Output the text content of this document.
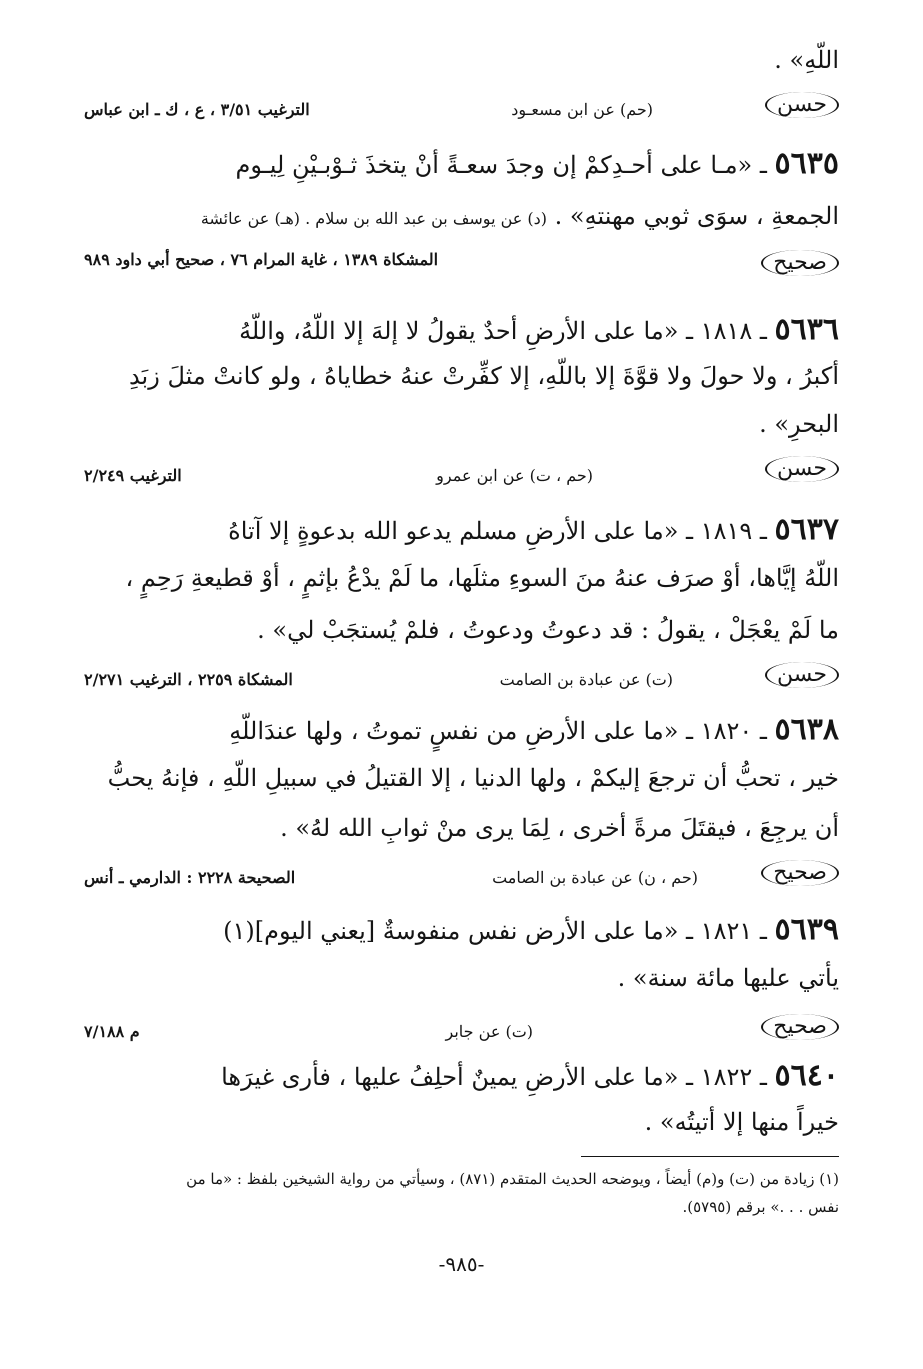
اللّهِ» .
حسن
(حم) عن ابن مسعـود
الترغيب ٣/٥١ ، ع ، ك ـ ابن عباس
٥٦٣٥ ـ «مـا على أحـدِكمْ إن وجدَ سعـةً أنْ يتخذَ ثـوْبـيْنِ لِيـوم
الجمعةِ ، سوَى ثوبي مهنتهِ» . (د) عن يوسف بن عبد الله بن سلام . (هـ) عن عائشة
صحيح
المشكاة ١٣٨٩ ، غاية المرام ٧٦ ، صحيح أبي داود ٩٨٩
٥٦٣٦ ـ ١٨١٨ ـ «ما على الأرضِ أحدٌ يقولُ لا إلهَ إلا اللّهُ، واللّهُ
أكبرُ ، ولا حولَ ولا قوَّةَ إلا باللّهِ، إلا كفِّرتْ عنهُ خطاياهُ ، ولو كانتْ مثلَ زبَدِ
البحرِ» .
حسن
(حم ، ت) عن ابن عمرو
الترغيب ٢/٢٤٩
٥٦٣٧ ـ ١٨١٩ ـ «ما على الأرضِ مسلم يدعو الله بدعوةٍ إلا آتاهُ
اللّهُ إيَّاها، أوْ صرَف عنهُ منَ السوءِ مثلَها، ما لَمْ يدْعُ بإثمٍ ، أوْ قطيعةِ رَحِمٍ ،
ما لَمْ يعْجَلْ ، يقولُ : قد دعوتُ ودعوتُ ، فلمْ يُستجَبْ لي» .
حسن
(ت) عن عبادة بن الصامت
المشكاة ٢٢٥٩ ، الترغيب ٢/٢٧١
٥٦٣٨ ـ ١٨٢٠ ـ «ما على الأرضِ من نفسٍ تموتُ ، ولها عندَاللّهِ
خير ، تحبُّ أن ترجعَ إليكمْ ، ولها الدنيا ، إلا القتيلُ في سبيلِ اللّهِ ، فإنهُ يحبُّ
أن يرجِعَ ، فيقتَلَ مرةً أخرى ، لِمَا يرى منْ ثوابِ الله لهُ» .
صحيح
(حم ، ن) عن عبادة بن الصامت
الصحيحة ٢٢٢٨ : الدارمي ـ أنس
٥٦٣٩ ـ ١٨٢١ ـ «ما على الأرض نفس منفوسةٌ [يعني اليوم](١)
يأتي عليها مائة سنة» .
صحيح
(ت) عن جابر
م ٧/١٨٨
٥٦٤٠ ـ ١٨٢٢ ـ «ما على الأرضِ يمينٌ أحلِفُ عليها ، فأرى غيرَها
خيراً منها إلا أتيتُه» .
(١) زيادة من (ت) و(م) أيضاً ، ويوضحه الحديث المتقدم (٨٧١) ، وسيأتي من رواية الشيخين بلفظ : «ما من
نفس . . .» برقم (٥٧٩٥).
-٩٨٥-
